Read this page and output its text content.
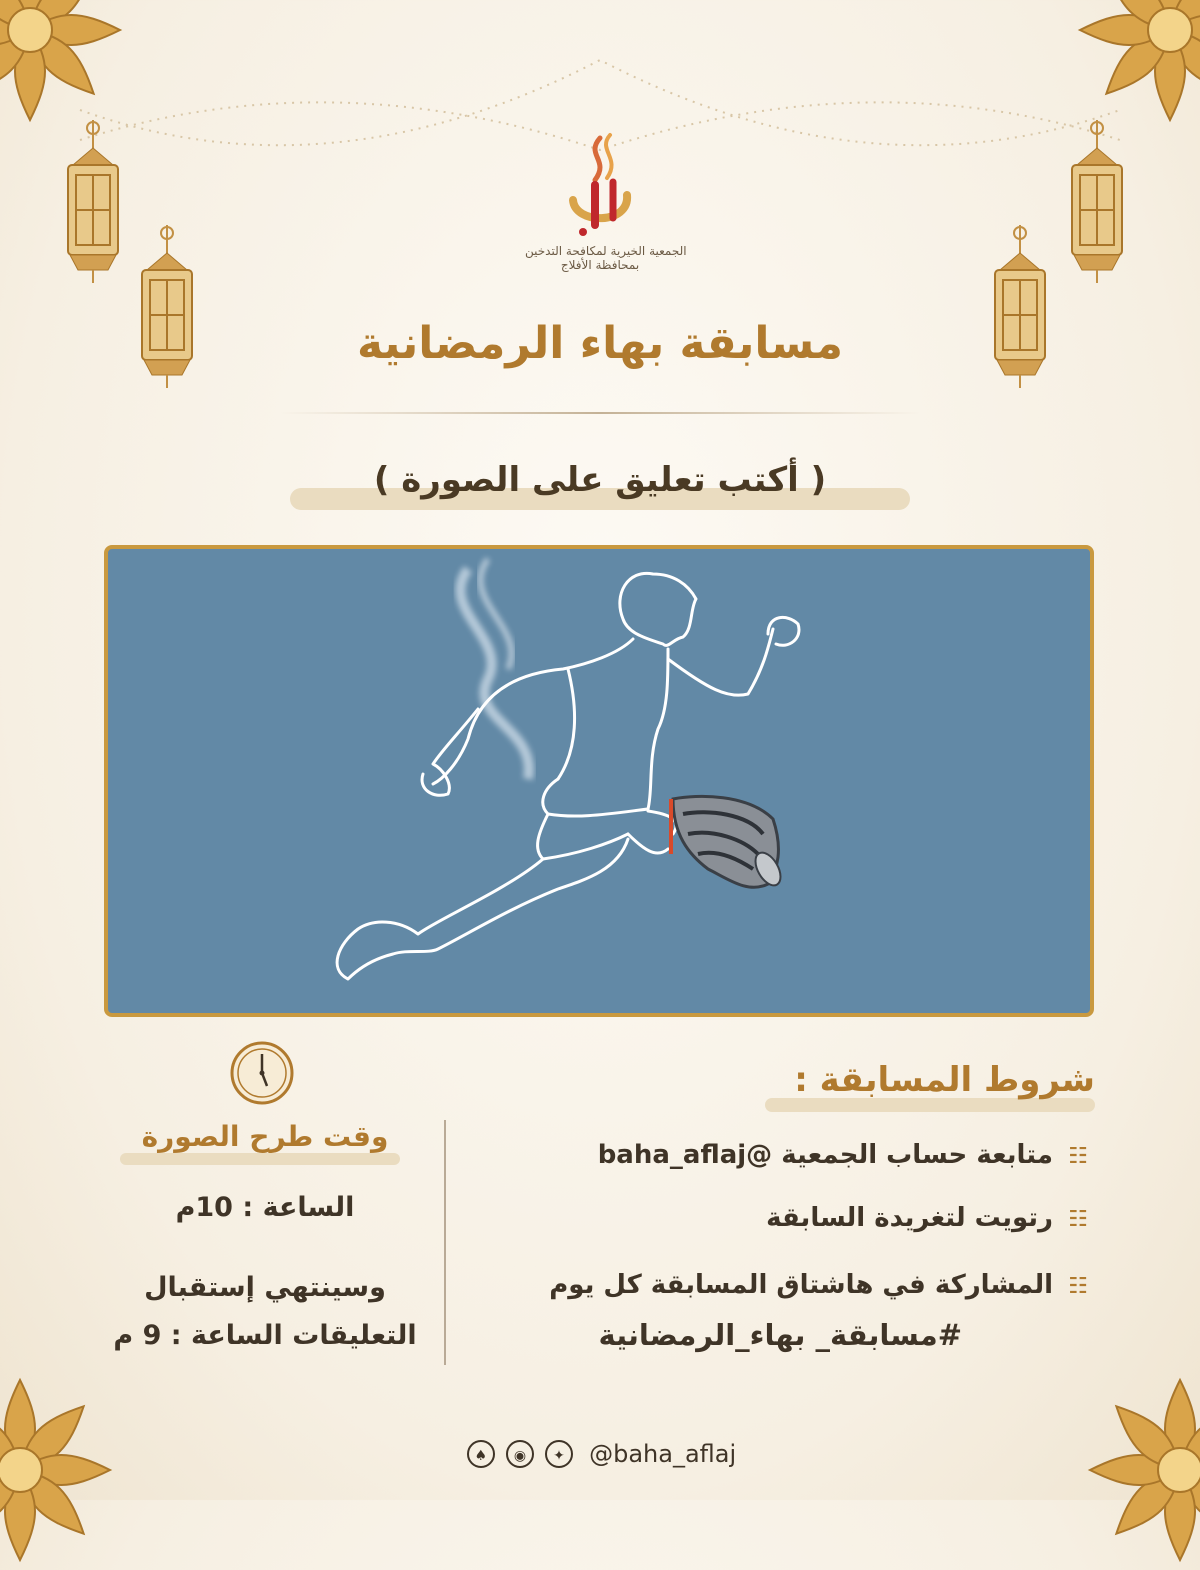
الجمعية الخيرية لمكافحة التدخين
بمحافظة الأفلاج
مسابقة بهاء الرمضانية
( أكتب تعليق على الصورة )
شروط المسابقة :
☷متابعة حساب الجمعية @baha_aflaj
☷رتويت لتغريدة السابقة
☷المشاركة في هاشتاق المسابقة كل يوم
#مسابقة_ بهاء_الرمضانية
وقت طرح الصورة
الساعة : 10م
وسينتهي إستقبال
التعليقات الساعة : 9 م
♠ ◉ ✦ @baha_aflaj
